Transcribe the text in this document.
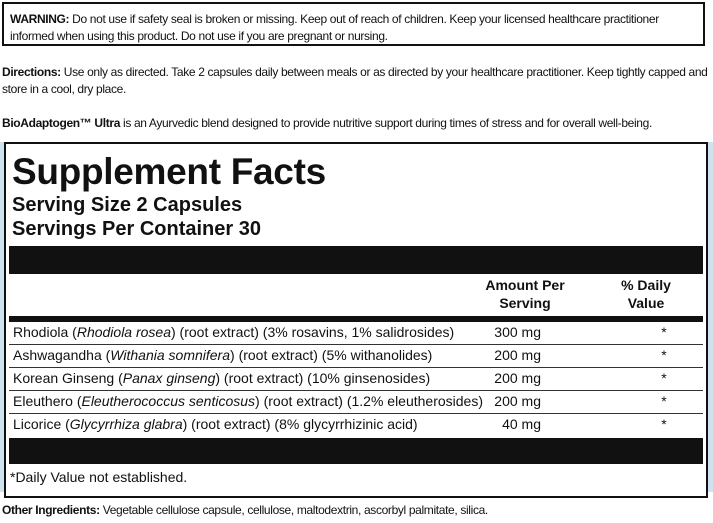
WARNING: Do not use if safety seal is broken or missing. Keep out of reach of children. Keep your licensed healthcare practitioner informed when using this product. Do not use if you are pregnant or nursing.
Directions: Use only as directed. Take 2 capsules daily between meals or as directed by your healthcare practitioner. Keep tightly capped and store in a cool, dry place.
BioAdaptogen™ Ultra is an Ayurvedic blend designed to provide nutritive support during times of stress and for overall well-being.
Supplement Facts
Serving Size 2 Capsules
Servings Per Container 30
Amount Per
Serving
% Daily
Value
Rhodiola (Rhodiola rosea) (root extract) (3% rosavins, 1% salidrosides)	300 mg	*
Ashwagandha (Withania somnifera) (root extract) (5% withanolides)	200 mg	*
Korean Ginseng (Panax ginseng) (root extract) (10% ginsenosides)	200 mg	*
Eleuthero (Eleutherococcus senticosus) (root extract) (1.2% eleutherosides) 200 mg	*
Licorice (Glycyrrhiza glabra) (root extract) (8% glycyrrhizinic acid)	40 mg	*
*Daily Value not established.
Other Ingredients: Vegetable cellulose capsule, cellulose, maltodextrin, ascorbyl palmitate, silica.
